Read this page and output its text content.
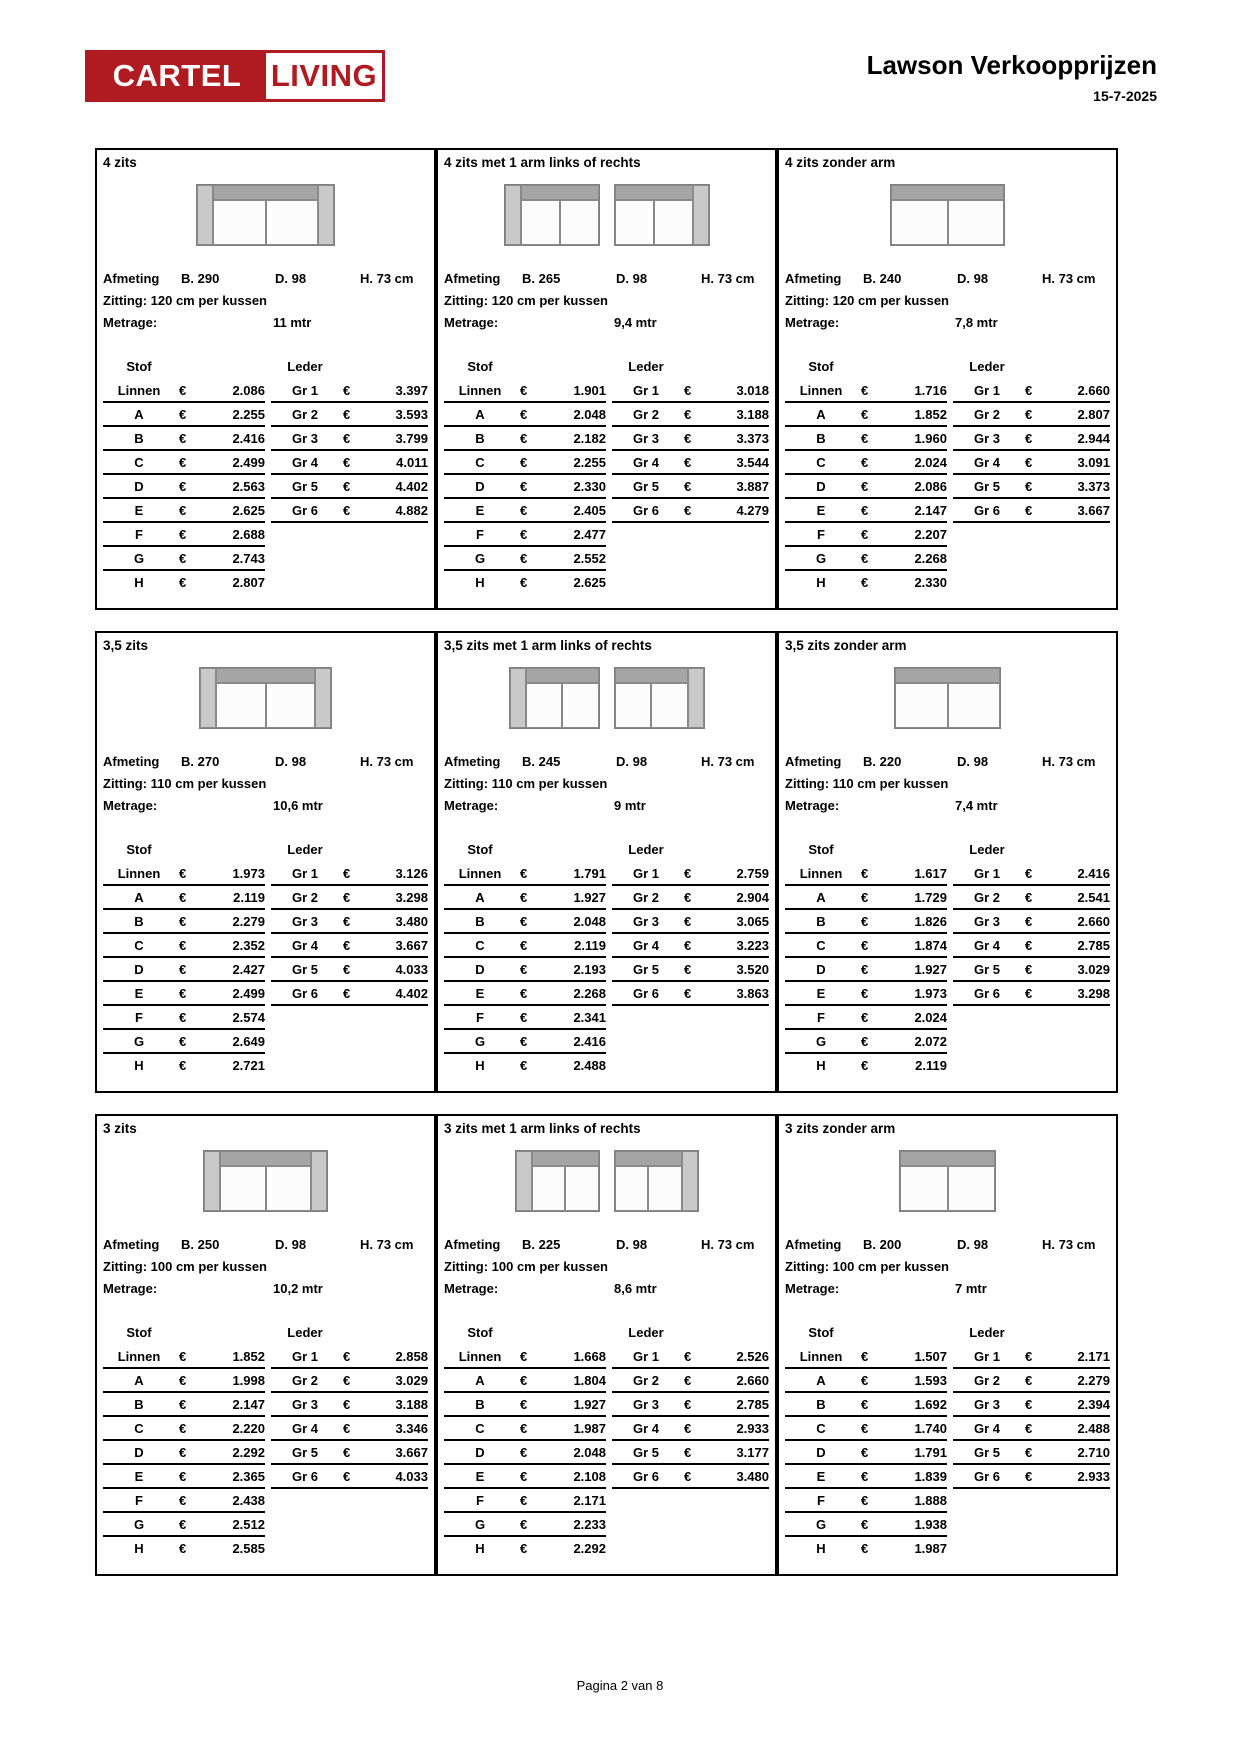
CARTEL LIVING	Lawson Verkoopprijzen
15-7-2025
4 zits
Afmeting	B. 290	D. 98	H. 73 cm
Zitting: 120 cm per kussen
Metrage:	11 mtr
Stof	Leder
Linnen	€	2.086	Gr 1	€	3.397
A	€	2.255	Gr 2	€	3.593
B	€	2.416	Gr 3	€	3.799
C	€	2.499	Gr 4	€	4.011
D	€	2.563	Gr 5	€	4.402
E	€	2.625	Gr 6	€	4.882
F	€	2.688
G	€	2.743
H	€	2.807
4 zits met 1 arm links of rechts
Afmeting	B. 265	D. 98	H. 73 cm
Zitting: 120 cm per kussen
Metrage:	9,4 mtr
Stof	Leder
Linnen	€	1.901	Gr 1	€	3.018
A	€	2.048	Gr 2	€	3.188
B	€	2.182	Gr 3	€	3.373
C	€	2.255	Gr 4	€	3.544
D	€	2.330	Gr 5	€	3.887
E	€	2.405	Gr 6	€	4.279
F	€	2.477
G	€	2.552
H	€	2.625
4 zits zonder arm
Afmeting	B. 240	D. 98	H. 73 cm
Zitting: 120 cm per kussen
Metrage:	7,8 mtr
Stof	Leder
Linnen	€	1.716	Gr 1	€	2.660
A	€	1.852	Gr 2	€	2.807
B	€	1.960	Gr 3	€	2.944
C	€	2.024	Gr 4	€	3.091
D	€	2.086	Gr 5	€	3.373
E	€	2.147	Gr 6	€	3.667
F	€	2.207
G	€	2.268
H	€	2.330
3,5 zits
Afmeting	B. 270	D. 98	H. 73 cm
Zitting: 110 cm per kussen
Metrage:	10,6 mtr
Stof	Leder
Linnen	€	1.973	Gr 1	€	3.126
A	€	2.119	Gr 2	€	3.298
B	€	2.279	Gr 3	€	3.480
C	€	2.352	Gr 4	€	3.667
D	€	2.427	Gr 5	€	4.033
E	€	2.499	Gr 6	€	4.402
F	€	2.574
G	€	2.649
H	€	2.721
3,5 zits met 1 arm links of rechts
Afmeting	B. 245	D. 98	H. 73 cm
Zitting: 110 cm per kussen
Metrage:	9 mtr
Stof	Leder
Linnen	€	1.791	Gr 1	€	2.759
A	€	1.927	Gr 2	€	2.904
B	€	2.048	Gr 3	€	3.065
C	€	2.119	Gr 4	€	3.223
D	€	2.193	Gr 5	€	3.520
E	€	2.268	Gr 6	€	3.863
F	€	2.341
G	€	2.416
H	€	2.488
3,5 zits zonder arm
Afmeting	B. 220	D. 98	H. 73 cm
Zitting: 110 cm per kussen
Metrage:	7,4 mtr
Stof	Leder
Linnen	€	1.617	Gr 1	€	2.416
A	€	1.729	Gr 2	€	2.541
B	€	1.826	Gr 3	€	2.660
C	€	1.874	Gr 4	€	2.785
D	€	1.927	Gr 5	€	3.029
E	€	1.973	Gr 6	€	3.298
F	€	2.024
G	€	2.072
H	€	2.119
3 zits
Afmeting	B. 250	D. 98	H. 73 cm
Zitting: 100 cm per kussen
Metrage:	10,2 mtr
Stof	Leder
Linnen	€	1.852	Gr 1	€	2.858
A	€	1.998	Gr 2	€	3.029
B	€	2.147	Gr 3	€	3.188
C	€	2.220	Gr 4	€	3.346
D	€	2.292	Gr 5	€	3.667
E	€	2.365	Gr 6	€	4.033
F	€	2.438
G	€	2.512
H	€	2.585
3 zits met 1 arm links of rechts
Afmeting	B. 225	D. 98	H. 73 cm
Zitting: 100 cm per kussen
Metrage:	8,6 mtr
Stof	Leder
Linnen	€	1.668	Gr 1	€	2.526
A	€	1.804	Gr 2	€	2.660
B	€	1.927	Gr 3	€	2.785
C	€	1.987	Gr 4	€	2.933
D	€	2.048	Gr 5	€	3.177
E	€	2.108	Gr 6	€	3.480
F	€	2.171
G	€	2.233
H	€	2.292
3 zits zonder arm
Afmeting	B. 200	D. 98	H. 73 cm
Zitting: 100 cm per kussen
Metrage:	7 mtr
Stof	Leder
Linnen	€	1.507	Gr 1	€	2.171
A	€	1.593	Gr 2	€	2.279
B	€	1.692	Gr 3	€	2.394
C	€	1.740	Gr 4	€	2.488
D	€	1.791	Gr 5	€	2.710
E	€	1.839	Gr 6	€	2.933
F	€	1.888
G	€	1.938
H	€	1.987
Pagina 2 van 8
